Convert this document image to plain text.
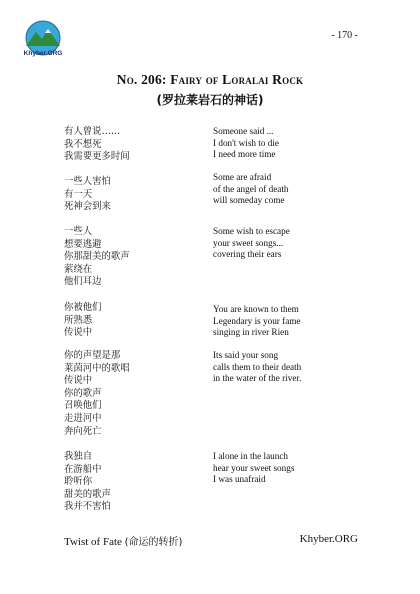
Khyber.ORG
- 170 -
No. 206: Fairy of Loralai Rock
(罗拉莱岩石的神话)
有人曾说……
我不想死
我需要更多时间
一些人害怕
有一天
死神会到来
一些人
想要逃避
你那甜美的歌声
萦绕在
他们耳边
你被他们
所熟悉
传说中
你的声望是那
莱茵河中的歌唱
传说中
你的歌声
召唤他们
走进河中
奔向死亡
我独自
在游船中
聆听你
甜美的歌声
我并不害怕
Someone said ...
I don't wish to die
I need more time
Some are afraid
of the angel of death
will someday come
Some wish to escape
your sweet songs...
covering their ears
You are known to them
Legendary is your fame
singing in river Rien
Its said your song
calls them to their death
in the water of the river.
I alone in the launch
hear your sweet songs
I was unafraid
Twist of Fate (命运的转折)	Khyber.ORG
